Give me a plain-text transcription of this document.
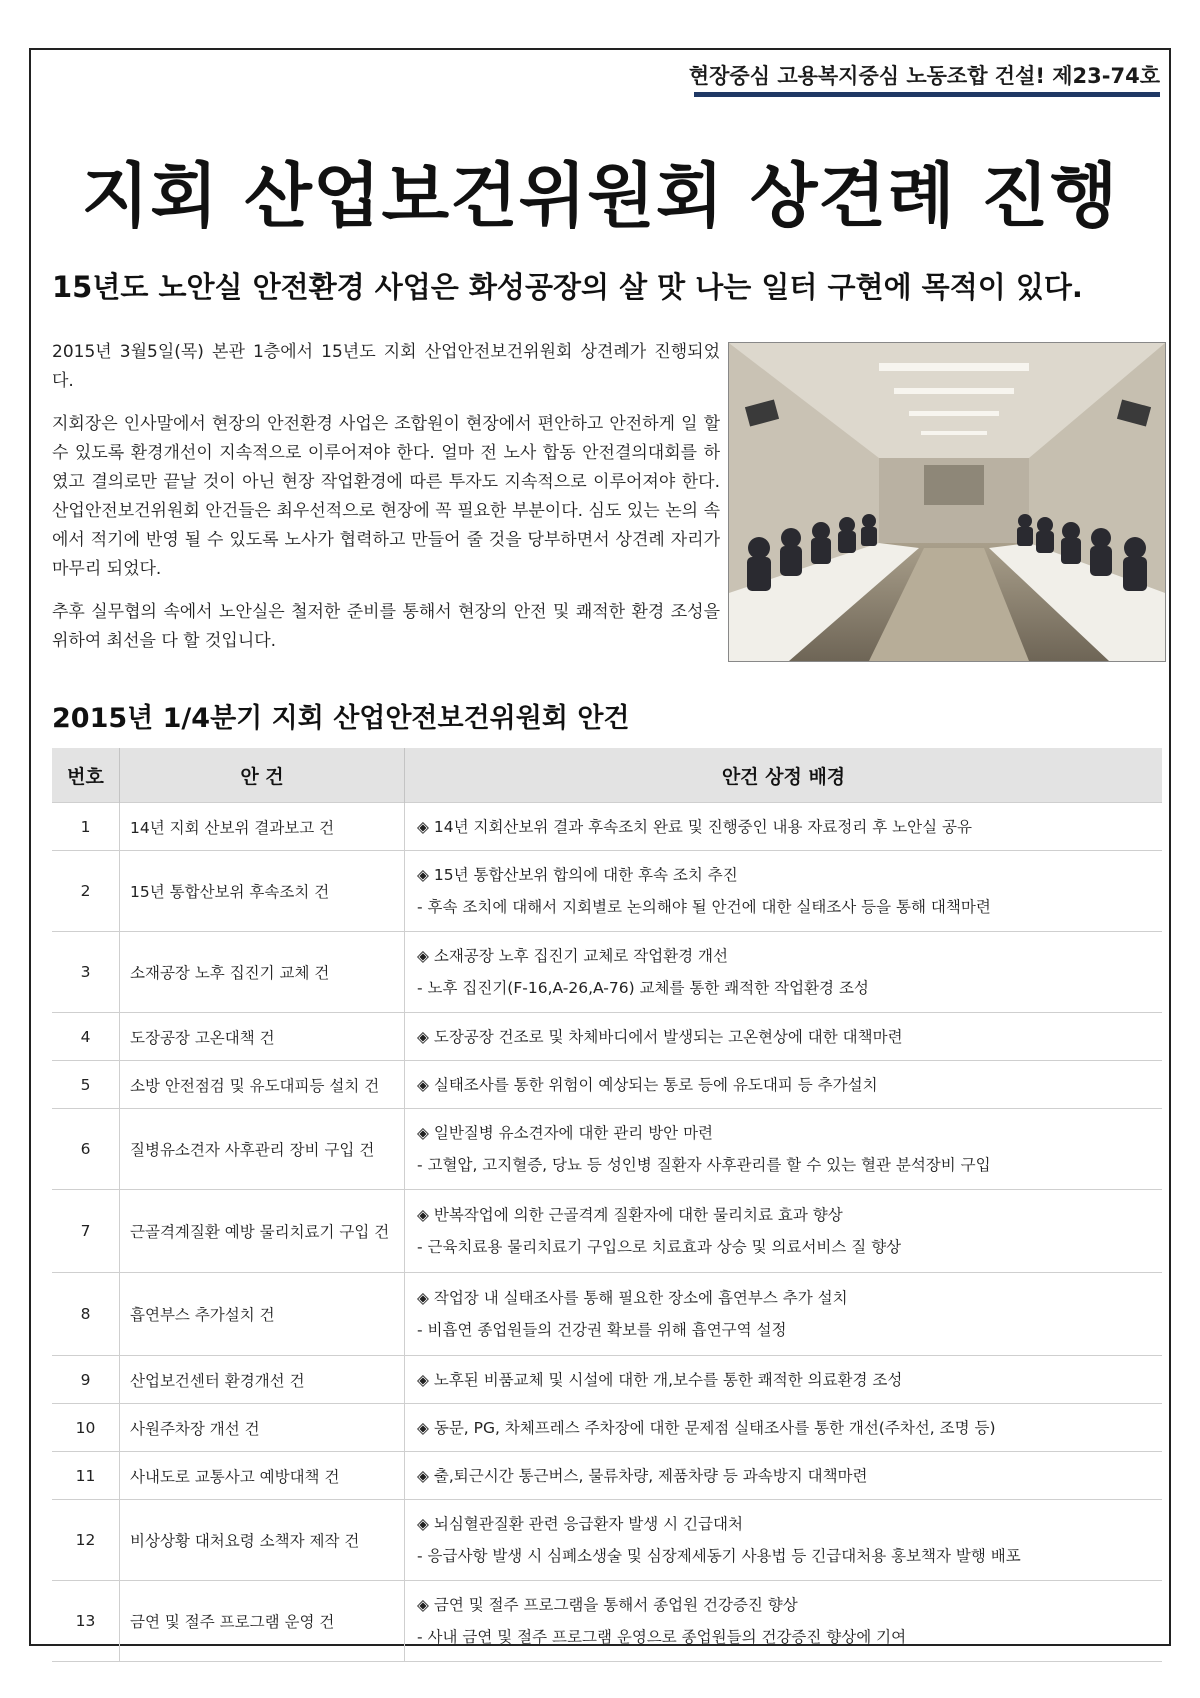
현장중심 고용복지중심 노동조합 건설! 제23-74호
지회 산업보건위원회 상견례 진행
15년도 노안실 안전환경 사업은 화성공장의 살 맛 나는 일터 구현에 목적이 있다.

2015년 3월5일(목) 본관 1층에서 15년도 지회 산업안전보건위원회 상견례가 진행되었다.

지회장은 인사말에서 현장의 안전환경 사업은 조합원이 현장에서 편안하고 안전하게 일 할 수 있도록 환경개선이 지속적으로 이루어져야 한다. 얼마 전 노사 합동 안전결의대회를 하였고 결의로만 끝날 것이 아닌 현장 작업환경에 따른 투자도 지속적으로 이루어져야 한다. 산업안전보건위원회 안건들은 최우선적으로 현장에 꼭 필요한 부분이다. 심도 있는 논의 속에서 적기에 반영 될 수 있도록 노사가 협력하고 만들어 줄 것을 당부하면서 상견례 자리가 마무리 되었다.

추후 실무협의 속에서 노안실은 철저한 준비를 통해서 현장의 안전 및 쾌적한 환경 조성을 위하여 최선을 다 할 것입니다.

2015년 1/4분기 지회 산업안전보건위원회 안건
번호	안 건	안건 상정 배경
1	14년 지회 산보위 결과보고 건	◈ 14년 지회산보위 결과 후속조치 완료 및 진행중인 내용 자료정리 후 노안실 공유

2	15년 통합산보위 후속조치 건	◈ 15년 통합산보위 합의에 대한 후속 조치 추진
- 후속 조치에 대해서 지회별로 논의해야 될 안건에 대한 실태조사 등을 통해 대책마련

3	소재공장 노후 집진기 교체 건	◈ 소재공장 노후 집진기 교체로 작업환경 개선
- 노후 집진기(F-16,A-26,A-76) 교체를 통한 쾌적한 작업환경 조성

4	도장공장 고온대책 건	◈ 도장공장 건조로 및 차체바디에서 발생되는 고온현상에 대한 대책마련

5	소방 안전점검 및 유도대피등 설치 건	◈ 실태조사를 통한 위험이 예상되는 통로 등에 유도대피 등 추가설치

6	질병유소견자 사후관리 장비 구입 건	◈ 일반질병 유소견자에 대한 관리 방안 마련
- 고혈압, 고지혈증, 당뇨 등 성인병 질환자 사후관리를 할 수 있는 혈관 분석장비 구입

7	근골격계질환 예방 물리치료기 구입 건	◈ 반복작업에 의한 근골격계 질환자에 대한 물리치료 효과 향상
- 근육치료용 물리치료기 구입으로 치료효과 상승 및 의료서비스 질 향상

8	흡연부스 추가설치 건	◈ 작업장 내 실태조사를 통해 필요한 장소에 흡연부스 추가 설치
- 비흡연 종업원들의 건강권 확보를 위해 흡연구역 설정

9	산업보건센터 환경개선 건	◈ 노후된 비품교체 및 시설에 대한 개,보수를 통한 쾌적한 의료환경 조성

10	사원주차장 개선 건	◈ 동문, PG, 차체프레스 주차장에 대한 문제점 실태조사를 통한 개선(주차선, 조명 등)

11	사내도로 교통사고 예방대책 건	◈ 출,퇴근시간 통근버스, 물류차량, 제품차량 등 과속방지 대책마련

12	비상상황 대처요령 소책자 제작 건	◈ 뇌심혈관질환 관련 응급환자 발생 시 긴급대처
- 응급사항 발생 시 심폐소생술 및 심장제세동기 사용법 등 긴급대처용 홍보책자 발행 배포

13	금연 및 절주 프로그램 운영 건	◈ 금연 및 절주 프로그램을 통해서 종업원 건강증진 향상
- 사내 금연 및 절주 프로그램 운영으로 종업원들의 건강증진 향상에 기여
